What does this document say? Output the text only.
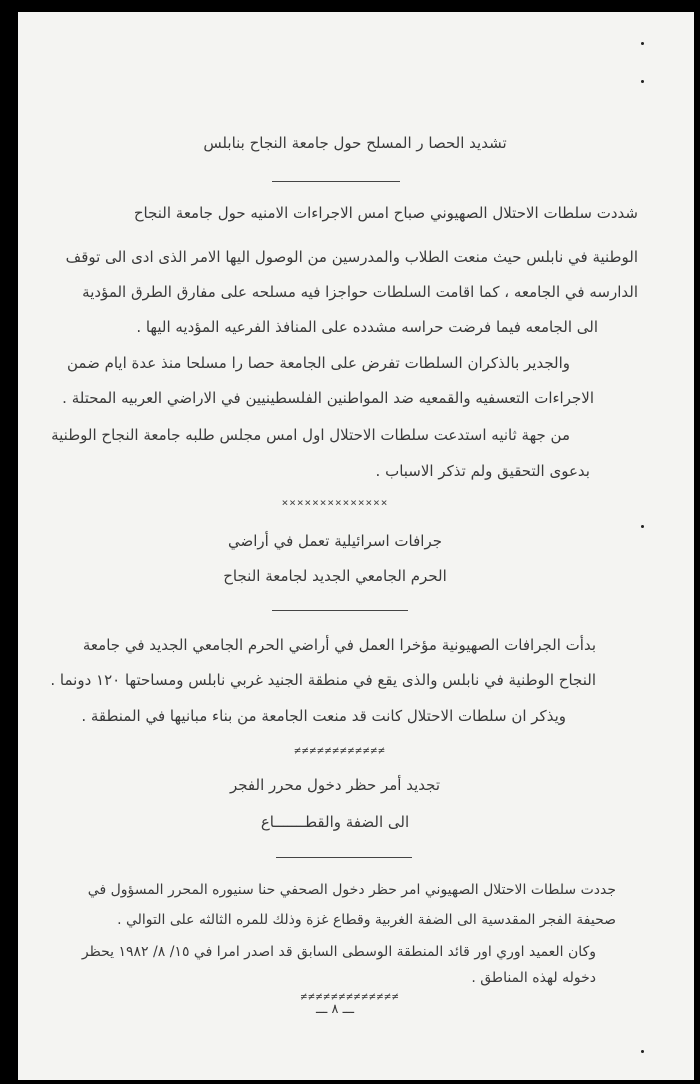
تشديد الحصا ر المسلح حول جامعة النجاح بنابلس
شددت سلطات الاحتلال الصهيوني صباح امس الاجراءات الامنيه حول جامعة النجاح
الوطنية في نابلس حيث منعت الطلاب والمدرسين من الوصول اليها الامر الذى ادى الى توقف
الدارسه في الجامعه ، كما اقامت السلطات حواجزا فيه مسلحه على مفارق الطرق المؤدية
الى الجامعه فيما فرضت حراسه مشدده على المنافذ الفرعيه المؤديه اليها .
والجدير بالذكران السلطات تفرض على الجامعة حصا را مسلحا منذ عدة ايام ضمن
الاجراءات التعسفيه والقمعيه ضد المواطنين الفلسطينيين في الاراضي العربيه المحتلة .
من جهة ثانيه استدعت سلطات الاحتلال اول امس مجلس طلبه جامعة النجاح الوطنية
بدعوى التحقيق ولم تذكر الاسباب .
××××××××××××××
جرافات اسرائيلية تعمل في أراضي
الحرم الجامعي الجديد لجامعة النجاح
بدأت الجرافات الصهيونية مؤخرا العمل في أراضي الحرم الجامعي الجديد في جامعة
النجاح الوطنية في نابلس والذى يقع في منطقة الجنيد غربي نابلس ومساحتها ١٢٠ دونما .
ويذكر ان سلطات الاحتلال كانت قد منعت الجامعة من بناء مبانيها في المنطقة .
≠≠≠≠≠≠≠≠≠≠≠≠
تجديد أمر حظر دخول محرر الفجر
الى الضفة والقطـــــــاع
جددت سلطات الاحتلال الصهيوني امر حظر دخول الصحفي حنا سنيوره المحرر المسؤول في
صحيفة الفجر المقدسية الى الضفة الغربية وقطاع غزة وذلك للمره الثالثه على التوالي .
وكان العميد اوري اور قائد المنطقة الوسطى السابق قد اصدر امرا في ١٥/ ٨/ ١٩٨٢ يحظر
دخوله لهذه المناطق .
≠≠≠≠≠≠≠≠≠≠≠≠≠
ـــ ٨ ـــ
